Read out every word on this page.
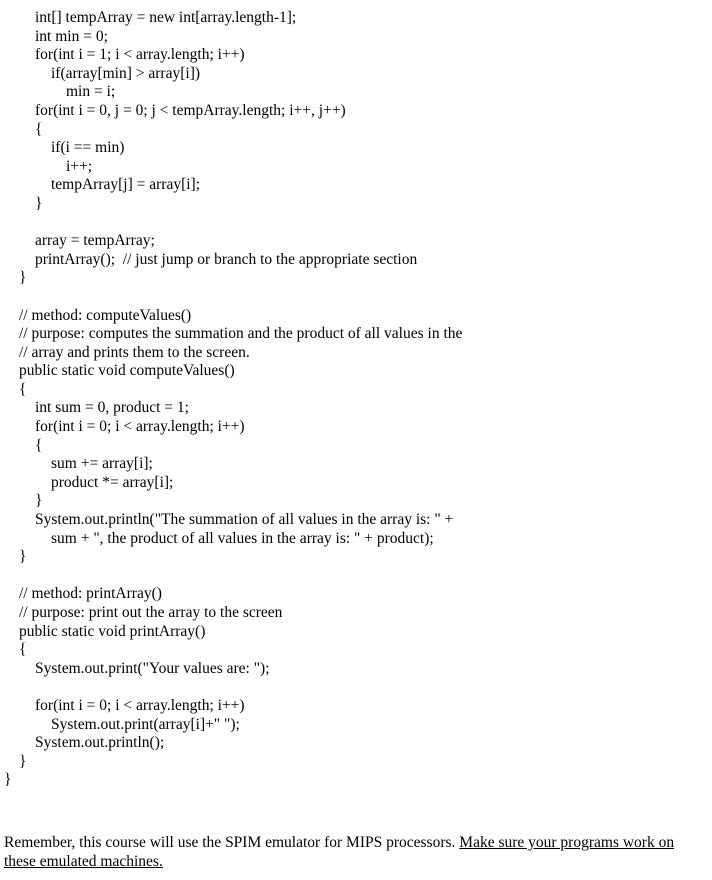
int[] tempArray = new int[array.length-1];
int min = 0;
for(int i = 1; i < array.length; i++)
if(array[min] > array[i])
min = i;
for(int i = 0, j = 0; j < tempArray.length; i++, j++)
{
if(i == min)
i++;
tempArray[j] = array[i];
}
array = tempArray;
printArray();  // just jump or branch to the appropriate section
}
// method: computeValues()
// purpose: computes the summation and the product of all values in the
// array and prints them to the screen.
public static void computeValues()
{
int sum = 0, product = 1;
for(int i = 0; i < array.length; i++)
{
sum += array[i];
product *= array[i];
}
System.out.println("The summation of all values in the array is: " +
sum + ", the product of all values in the array is: " + product);
}
// method: printArray()
// purpose: print out the array to the screen
public static void printArray()
{
System.out.print("Your values are: ");
for(int i = 0; i < array.length; i++)
System.out.print(array[i]+" ");
System.out.println();
}
}
Remember, this course will use the SPIM emulator for MIPS processors. Make sure your programs work on these emulated machines.
